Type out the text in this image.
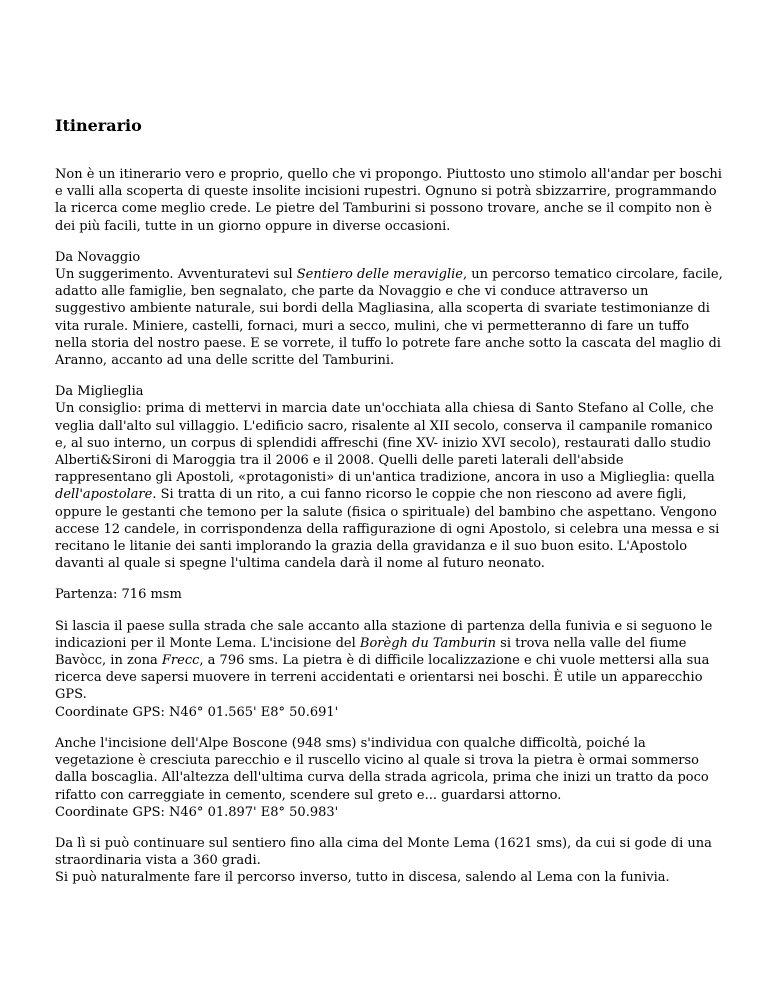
Itinerario

Non è un itinerario vero e proprio, quello che vi propongo. Piuttosto uno stimolo all'andar per boschi e valli alla scoperta di queste insolite incisioni rupestri. Ognuno si potrà sbizzarrire, programmando la ricerca come meglio crede. Le pietre del Tamburini si possono trovare, anche se il compito non è dei più facili, tutte in un giorno oppure in diverse occasioni.

Da Novaggio
Un suggerimento. Avventuratevi sul Sentiero delle meraviglie, un percorso tematico circolare, facile, adatto alle famiglie, ben segnalato, che parte da Novaggio e che vi conduce attraverso un suggestivo ambiente naturale, sui bordi della Magliasina, alla scoperta di svariate testimonianze di vita rurale. Miniere, castelli, fornaci, muri a secco, mulini, che vi permetteranno di fare un tuffo nella storia del nostro paese. E se vorrete, il tuffo lo potrete fare anche sotto la cascata del maglio di Aranno, accanto ad una delle scritte del Tamburini.

Da Miglieglia
Un consiglio: prima di mettervi in marcia date un'occhiata alla chiesa di Santo Stefano al Colle, che veglia dall'alto sul villaggio. L'edificio sacro, risalente al XII secolo, conserva il campanile romanico e, al suo interno, un corpus di splendidi affreschi (fine XV- inizio XVI secolo), restaurati dallo studio Alberti&Sironi di Maroggia tra il 2006 e il 2008. Quelli delle pareti laterali dell'abside rappresentano gli Apostoli, «protagonisti» di un'antica tradizione, ancora in uso a Miglieglia: quella dell'apostolare. Si tratta di un rito, a cui fanno ricorso le coppie che non riescono ad avere figli, oppure le gestanti che temono per la salute (fisica o spirituale) del bambino che aspettano. Vengono accese 12 candele, in corrispondenza della raffigurazione di ogni Apostolo, si celebra una messa e si recitano le litanie dei santi implorando la grazia della gravidanza e il suo buon esito. L'Apostolo davanti al quale si spegne l'ultima candela darà il nome al futuro neonato.

Partenza: 716 msm

Si lascia il paese sulla strada che sale accanto alla stazione di partenza della funivia e si seguono le indicazioni per il Monte Lema. L'incisione del Borègh du Tamburin si trova nella valle del fiume Bavòcc, in zona Frecc, a 796 sms. La pietra è di difficile localizzazione e chi vuole mettersi alla sua ricerca deve sapersi muovere in terreni accidentati e orientarsi nei boschi. È utile un apparecchio GPS.
Coordinate GPS: N46° 01.565' E8° 50.691'

Anche l'incisione dell'Alpe Boscone (948 sms) s'individua con qualche difficoltà, poiché la vegetazione è cresciuta parecchio e il ruscello vicino al quale si trova la pietra è ormai sommerso dalla boscaglia. All'altezza dell'ultima curva della strada agricola, prima che inizi un tratto da poco rifatto con carreggiate in cemento, scendere sul greto e... guardarsi attorno.
Coordinate GPS: N46° 01.897' E8° 50.983'

Da lì si può continuare sul sentiero fino alla cima del Monte Lema (1621 sms), da cui si gode di una straordinaria vista a 360 gradi.
Si può naturalmente fare il percorso inverso, tutto in discesa, salendo al Lema con la funivia.
